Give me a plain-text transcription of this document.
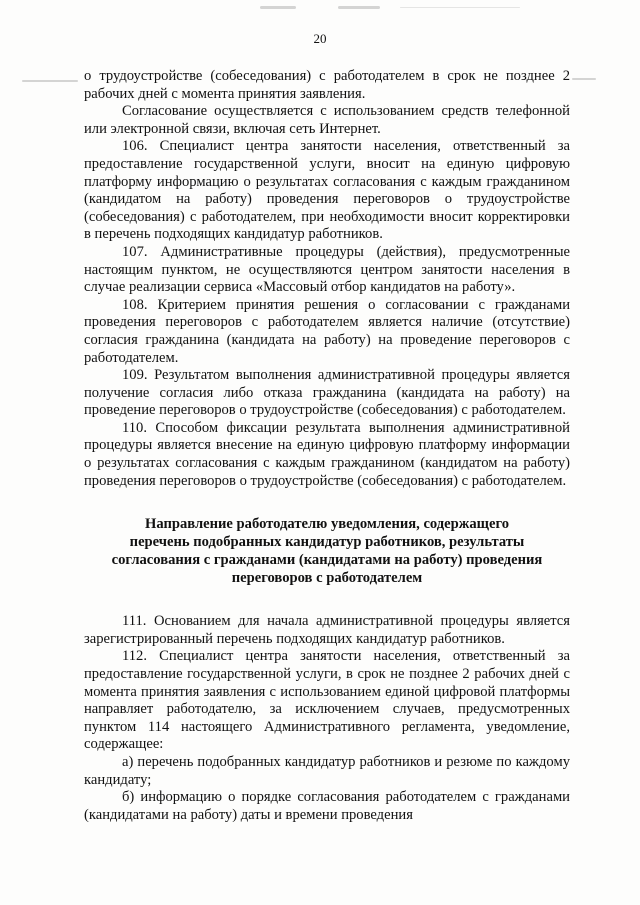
20

о трудоустройстве (собеседования) с работодателем в срок не позднее 2 рабочих дней с момента принятия заявления.

Согласование осуществляется с использованием средств телефонной или электронной связи, включая сеть Интернет.

106. Специалист центра занятости населения, ответственный за предоставление государственной услуги, вносит на единую цифровую платформу информацию о результатах согласования с каждым гражданином (кандидатом на работу) проведения переговоров о трудоустройстве (собеседования) с работодателем, при необходимости вносит корректировки в перечень подходящих кандидатур работников.

107. Административные процедуры (действия), предусмотренные настоящим пунктом, не осуществляются центром занятости населения в случае реализации сервиса «Массовый отбор кандидатов на работу».

108. Критерием принятия решения о согласовании с гражданами проведения переговоров с работодателем является наличие (отсутствие) согласия гражданина (кандидата на работу) на проведение переговоров с работодателем.

109. Результатом выполнения административной процедуры является получение согласия либо отказа гражданина (кандидата на работу) на проведение переговоров о трудоустройстве (собеседования) с работодателем.

110. Способом фиксации результата выполнения административной процедуры является внесение на единую цифровую платформу информации о результатах согласования с каждым гражданином (кандидатом на работу) проведения переговоров о трудоустройстве (собеседования) с работодателем.

Направление работодателю уведомления, содержащего
перечень подобранных кандидатур работников, результаты
согласования с гражданами (кандидатами на работу) проведения
переговоров с работодателем

111. Основанием для начала административной процедуры является зарегистрированный перечень подходящих кандидатур работников.

112. Специалист центра занятости населения, ответственный за предоставление государственной услуги, в срок не позднее 2 рабочих дней с момента принятия заявления с использованием единой цифровой платформы направляет работодателю, за исключением случаев, предусмотренных пунктом 114 настоящего Административного регламента, уведомление, содержащее:

а) перечень подобранных кандидатур работников и резюме по каждому кандидату;

б) информацию о порядке согласования работодателем с гражданами (кандидатами на работу) даты и времени проведения
